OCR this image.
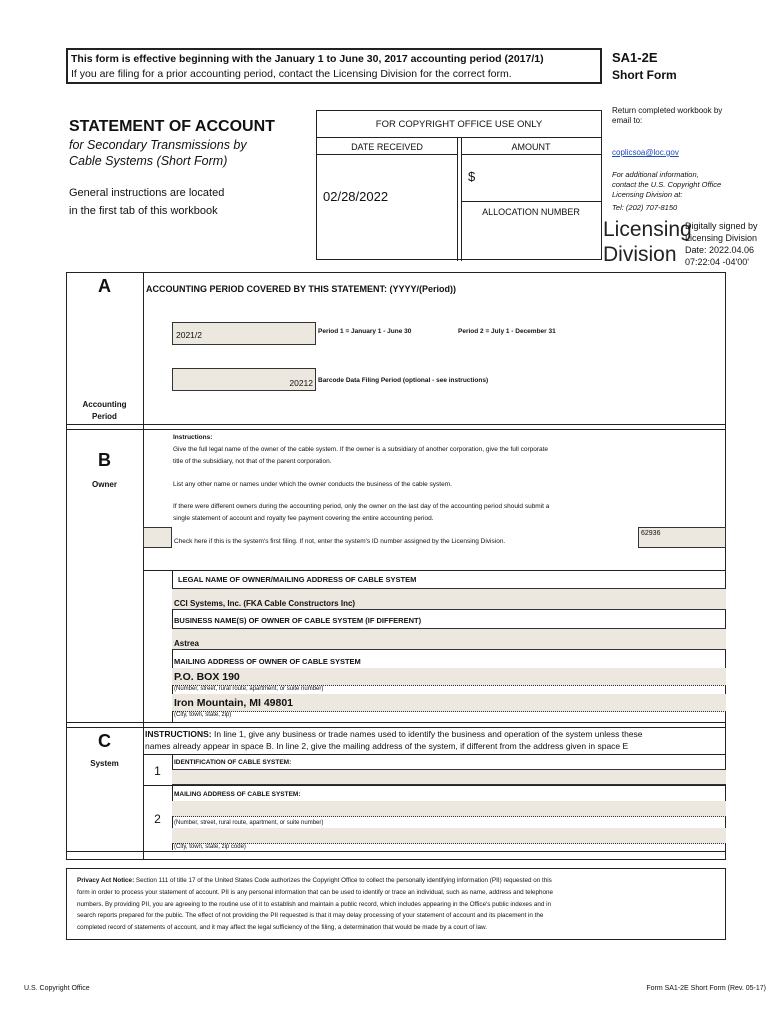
This form is effective beginning with the January 1 to June 30, 2017 accounting period (2017/1)
If you are filing for a prior accounting period, contact the Licensing Division for the correct form.
SA1-2E
Short Form
STATEMENT OF ACCOUNT
for Secondary Transmissions by
Cable Systems (Short Form)
General instructions are located
in the first tab of this workbook
FOR COPYRIGHT OFFICE USE ONLY
DATE RECEIVED	AMOUNT
02/28/2022
$
ALLOCATION NUMBER
Return completed workbook by email to:
coplicsoa@loc.gov
For additional information, contact the U.S. Copyright Office Licensing Division at:
Tel: (202) 707-8150
Licensing
Division
Digitally signed by
Licensing Division
Date: 2022.04.06
07:22:04 -04'00'
A
Accounting
Period
ACCOUNTING PERIOD COVERED BY THIS STATEMENT: (YYYY/(Period))
2021/2	Period 1 = January 1 - June 30	Period 2 = July 1 - December 31
20212 Barcode Data Filing Period (optional - see instructions)
B
Owner
Instructions:
Give the full legal name of the owner of the cable system. If the owner is a subsidiary of another corporation, give the full corporate
title of the subsidiary, not that of the parent corporation.
List any other name or names under which the owner conducts the business of the cable system.
If there were different owners during the accounting period, only the owner on the last day of the accounting period should submit a
single statement of account and royalty fee payment covering the entire accounting period.
Check here if this is the system's first filing. If not, enter the system's ID number assigned by the Licensing Division.
62936
LEGAL NAME OF OWNER/MAILING ADDRESS OF CABLE SYSTEM
CCI Systems, Inc. (FKA Cable Constructors Inc)
BUSINESS NAME(S) OF OWNER OF CABLE SYSTEM (IF DIFFERENT)
Astrea
MAILING ADDRESS OF OWNER OF CABLE SYSTEM
P.O. BOX 190
(Number, street, rural route, apartment, or suite number)
Iron Mountain, MI 49801
(City, town, state, zip)
C
System
INSTRUCTIONS: In line 1, give any business or trade names used to identify the business and operation of the system unless these
names already appear in space B. In line 2, give the mailing address of the system, if different from the address given in space E
1
IDENTIFICATION OF CABLE SYSTEM:
2
MAILING ADDRESS OF CABLE SYSTEM:
(Number, street, rural route, apartment, or suite number)
(City, town, state, zip code)
Privacy Act Notice: Section 111 of title 17 of the United States Code authorizes the Copyright Office to collect the personally identifying information (PII) requested on this
form in order to process your statement of account. PII is any personal information that can be used to identify or trace an individual, such as name, address and telephone
numbers. By providing PII, you are agreeing to the routine use of it to establish and maintain a public record, which includes appearing in the Office's public indexes and in
search reports prepared for the public. The effect of not providing the PII requested is that it may delay processing of your statement of account and its placement in the
completed record of statements of account, and it may affect the legal sufficiency of the filing, a determination that would be made by a court of law.
U.S. Copyright Office	Form SA1-2E Short Form (Rev. 05-17)
